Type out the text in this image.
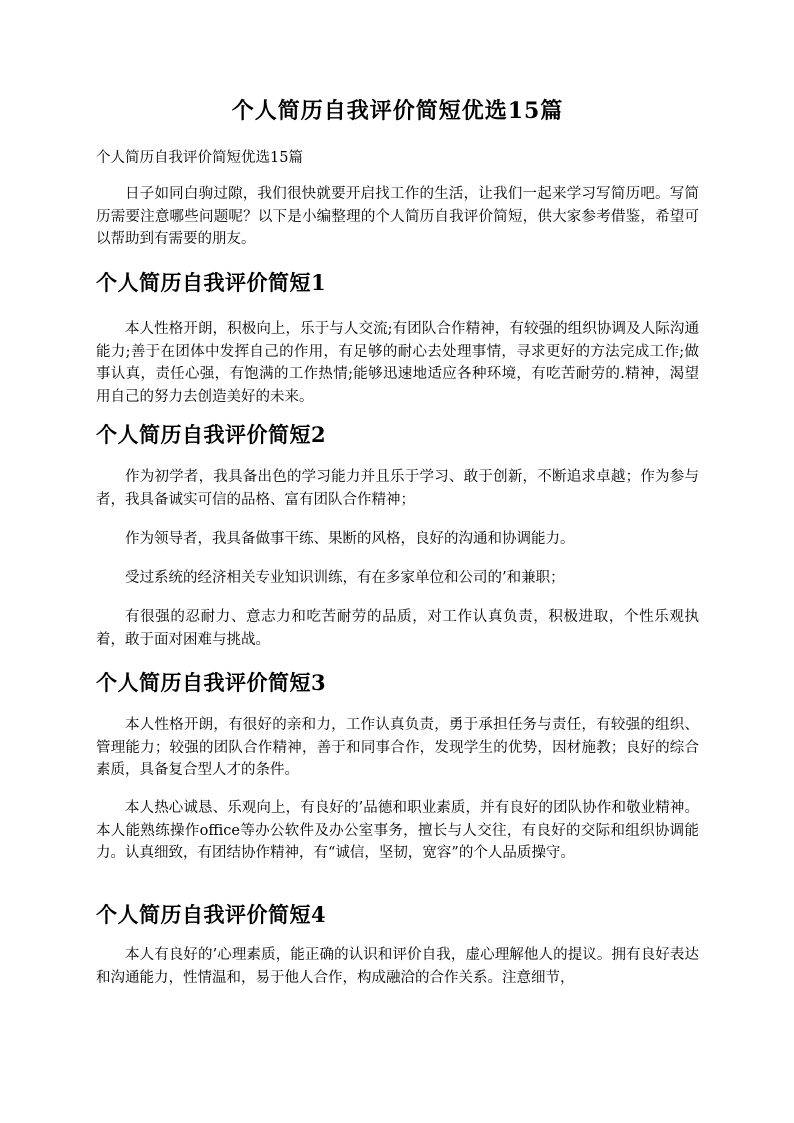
个人简历自我评价简短优选15篇
个人简历自我评价简短优选15篇

日子如同白驹过隙，我们很快就要开启找工作的生活，让我们一起来学习写简历吧。写简历需要注意哪些问题呢？以下是小编整理的个人简历自我评价简短，供大家参考借鉴，希望可以帮助到有需要的朋友。

个人简历自我评价简短1

本人性格开朗，积极向上，乐于与人交流;有团队合作精神，有较强的组织协调及人际沟通能力;善于在团体中发挥自己的作用，有足够的耐心去处理事情，寻求更好的方法完成工作;做事认真，责任心强，有饱满的工作热情;能够迅速地适应各种环境，有吃苦耐劳的.精神，渴望用自己的努力去创造美好的未来。

个人简历自我评价简短2

作为初学者，我具备出色的学习能力并且乐于学习、敢于创新，不断追求卓越；作为参与者，我具备诚实可信的品格、富有团队合作精神；

作为领导者，我具备做事干练、果断的风格，良好的沟通和协调能力。

受过系统的经济相关专业知识训练，有在多家单位和公司的’和兼职；

有很强的忍耐力、意志力和吃苦耐劳的品质，对工作认真负责，积极进取，个性乐观执着，敢于面对困难与挑战。

个人简历自我评价简短3

本人性格开朗，有很好的亲和力，工作认真负责，勇于承担任务与责任，有较强的组织、管理能力；较强的团队合作精神，善于和同事合作，发现学生的优势，因材施教；良好的综合素质，具备复合型人才的条件。

本人热心诚恳、乐观向上，有良好的’品德和职业素质，并有良好的团队协作和敬业精神。本人能熟练操作office等办公软件及办公室事务，擅长与人交往，有良好的交际和组织协调能力。认真细致，有团结协作精神，有“诚信，坚韧，宽容”的个人品质操守。

个人简历自我评价简短4

本人有良好的’心理素质，能正确的认识和评价自我，虚心理解他人的提议。拥有良好表达和沟通能力，性情温和，易于他人合作，构成融洽的合作关系。注意细节，
